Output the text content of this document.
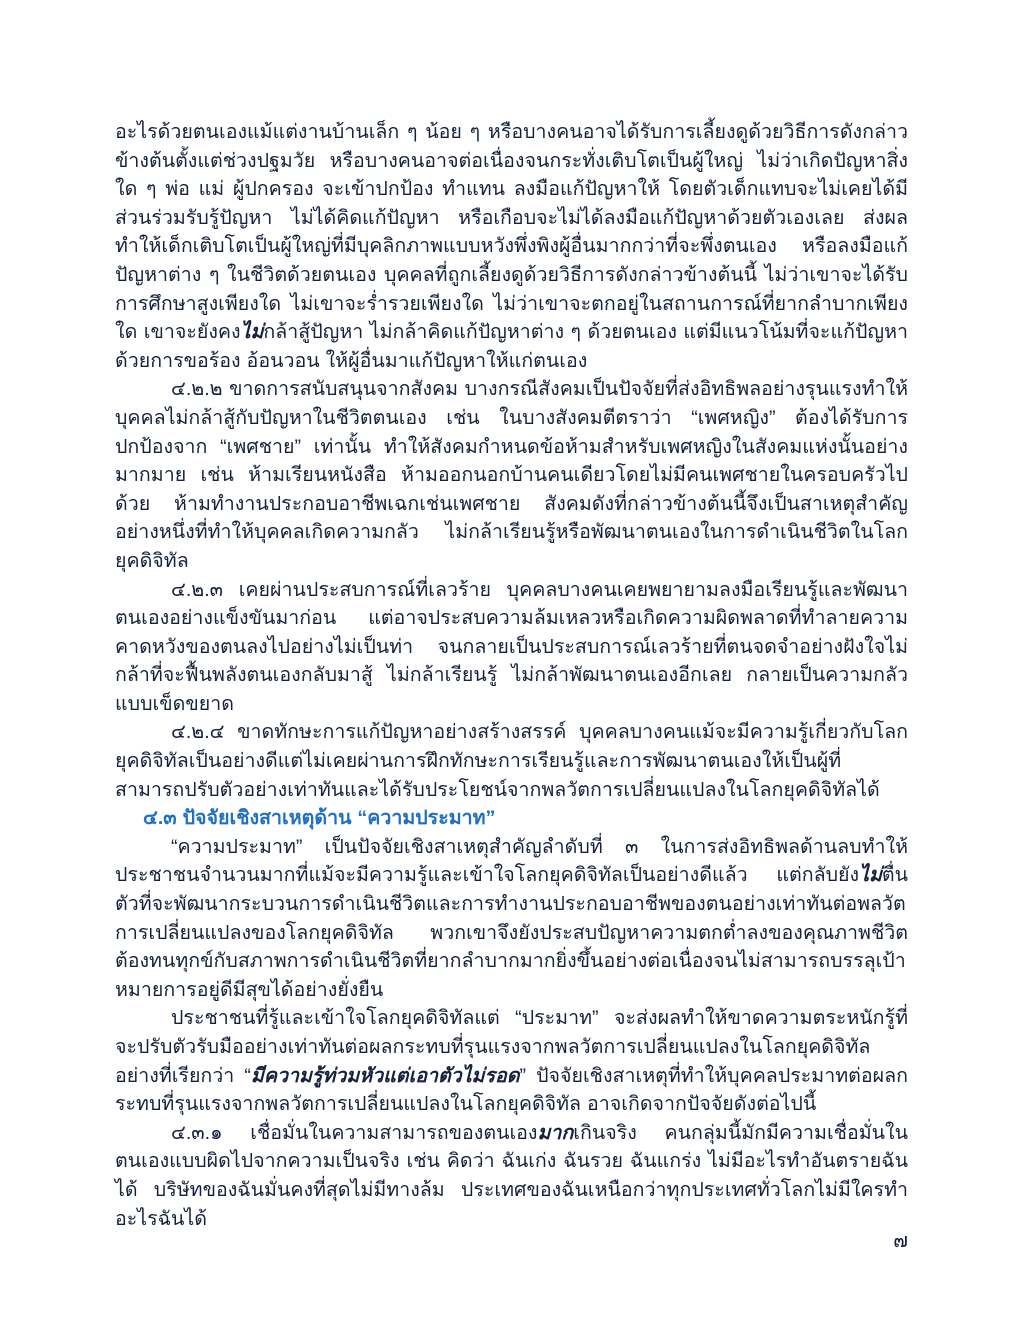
อะไรด้วยตนเองแม้แต่งานบ้านเล็ก ๆ น้อย ๆ หรือบางคนอาจได้รับการเลี้ยงดูด้วยวิธีการดังกล่าวข้างต้นตั้งแต่ช่วงปฐมวัย หรือบางคนอาจต่อเนื่องจนกระทั่งเติบโตเป็นผู้ใหญ่ ไม่ว่าเกิดปัญหาสิ่งใด ๆ พ่อ แม่ ผู้ปกครอง จะเข้าปกป้อง ทำแทน ลงมือแก้ปัญหาให้ โดยตัวเด็กแทบจะไม่เคยได้มีส่วนร่วมรับรู้ปัญหา ไม่ได้คิดแก้ปัญหา หรือเกือบจะไม่ได้ลงมือแก้ปัญหาด้วยตัวเองเลย ส่งผลทำให้เด็กเติบโตเป็นผู้ใหญ่ที่มีบุคลิกภาพแบบหวังพึ่งพิงผู้อื่นมากกว่าที่จะพึ่งตนเอง หรือลงมือแก้ปัญหาต่าง ๆ ในชีวิตด้วยตนเอง บุคคลที่ถูกเลี้ยงดูด้วยวิธีการดังกล่าวข้างต้นนี้ ไม่ว่าเขาจะได้รับการศึกษาสูงเพียงใด ไม่เขาจะร่ำรวยเพียงใด ไม่ว่าเขาจะตกอยู่ในสถานการณ์ที่ยากลำบากเพียงใด เขาจะยังคงไม่กล้าสู้ปัญหา ไม่กล้าคิดแก้ปัญหาต่าง ๆ ด้วยตนเอง แต่มีแนวโน้มที่จะแก้ปัญหาด้วยการขอร้อง อ้อนวอน ให้ผู้อื่นมาแก้ปัญหาให้แก่ตนเอง

๔.๒.๒ ขาดการสนับสนุนจากสังคม บางกรณีสังคมเป็นปัจจัยที่ส่งอิทธิพลอย่างรุนแรงทำให้บุคคลไม่กล้าสู้กับปัญหาในชีวิตตนเอง เช่น ในบางสังคมตีตราว่า “เพศหญิง” ต้องได้รับการปกป้องจาก “เพศชาย” เท่านั้น ทำให้สังคมกำหนดข้อห้ามสำหรับเพศหญิงในสังคมแห่งนั้นอย่างมากมาย เช่น ห้ามเรียนหนังสือ ห้ามออกนอกบ้านคนเดียวโดยไม่มีคนเพศชายในครอบครัวไปด้วย ห้ามทำงานประกอบอาชีพเฉกเช่นเพศชาย สังคมดังที่กล่าวข้างต้นนี้จึงเป็นสาเหตุสำคัญอย่างหนึ่งที่ทำให้บุคคลเกิดความกลัว ไม่กล้าเรียนรู้หรือพัฒนาตนเองในการดำเนินชีวิตในโลกยุคดิจิทัล

๔.๒.๓ เคยผ่านประสบการณ์ที่เลวร้าย บุคคลบางคนเคยพยายามลงมือเรียนรู้และพัฒนาตนเองอย่างแข็งขันมาก่อน แต่อาจประสบความล้มเหลวหรือเกิดความผิดพลาดที่ทำลายความคาดหวังของตนลงไปอย่างไม่เป็นท่า จนกลายเป็นประสบการณ์เลวร้ายที่ตนจดจำอย่างฝังใจไม่กล้าที่จะฟื้นพลังตนเองกลับมาสู้ ไม่กล้าเรียนรู้ ไม่กล้าพัฒนาตนเองอีกเลย กลายเป็นความกลัวแบบเข็ดขยาด

๔.๒.๔ ขาดทักษะการแก้ปัญหาอย่างสร้างสรรค์ บุคคลบางคนแม้จะมีความรู้เกี่ยวกับโลกยุคดิจิทัลเป็นอย่างดีแต่ไม่เคยผ่านการฝึกทักษะการเรียนรู้และการพัฒนาตนเองให้เป็นผู้ที่สามารถปรับตัวอย่างเท่าทันและได้รับประโยชน์จากพลวัตการเปลี่ยนแปลงในโลกยุคดิจิทัลได้

๔.๓ ปัจจัยเชิงสาเหตุด้าน “ความประมาท”

“ความประมาท” เป็นปัจจัยเชิงสาเหตุสำคัญลำดับที่ ๓ ในการส่งอิทธิพลด้านลบทำให้ประชาชนจำนวนมากที่แม้จะมีความรู้และเข้าใจโลกยุคดิจิทัลเป็นอย่างดีแล้ว แต่กลับยังไม่ตื่นตัวที่จะพัฒนากระบวนการดำเนินชีวิตและการทำงานประกอบอาชีพของตนอย่างเท่าทันต่อพลวัตการเปลี่ยนแปลงของโลกยุคดิจิทัล พวกเขาจึงยังประสบปัญหาความตกต่ำลงของคุณภาพชีวิต ต้องทนทุกข์กับสภาพการดำเนินชีวิตที่ยากลำบากมากยิ่งขึ้นอย่างต่อเนื่องจนไม่สามารถบรรลุเป้าหมายการอยู่ดีมีสุขได้อย่างยั่งยืน

ประชาชนที่รู้และเข้าใจโลกยุคดิจิทัลแต่ “ประมาท” จะส่งผลทำให้ขาดความตระหนักรู้ที่จะปรับตัวรับมืออย่างเท่าทันต่อผลกระทบที่รุนแรงจากพลวัตการเปลี่ยนแปลงในโลกยุคดิจิทัล อย่างที่เรียกว่า “มีความรู้ท่วมหัวแต่เอาตัวไม่รอด” ปัจจัยเชิงสาเหตุที่ทำให้บุคคลประมาทต่อผลกระทบที่รุนแรงจากพลวัตการเปลี่ยนแปลงในโลกยุคดิจิทัล อาจเกิดจากปัจจัยดังต่อไปนี้

๔.๓.๑ เชื่อมั่นในความสามารถของตนเองมากเกินจริง คนกลุ่มนี้มักมีความเชื่อมั่นในตนเองแบบผิดไปจากความเป็นจริง เช่น คิดว่า ฉันเก่ง ฉันรวย ฉันแกร่ง ไม่มีอะไรทำอันตรายฉันได้ บริษัทของฉันมั่นคงที่สุดไม่มีทางล้ม ประเทศของฉันเหนือกว่าทุกประเทศทั่วโลกไม่มีใครทำอะไรฉันได้

๗
